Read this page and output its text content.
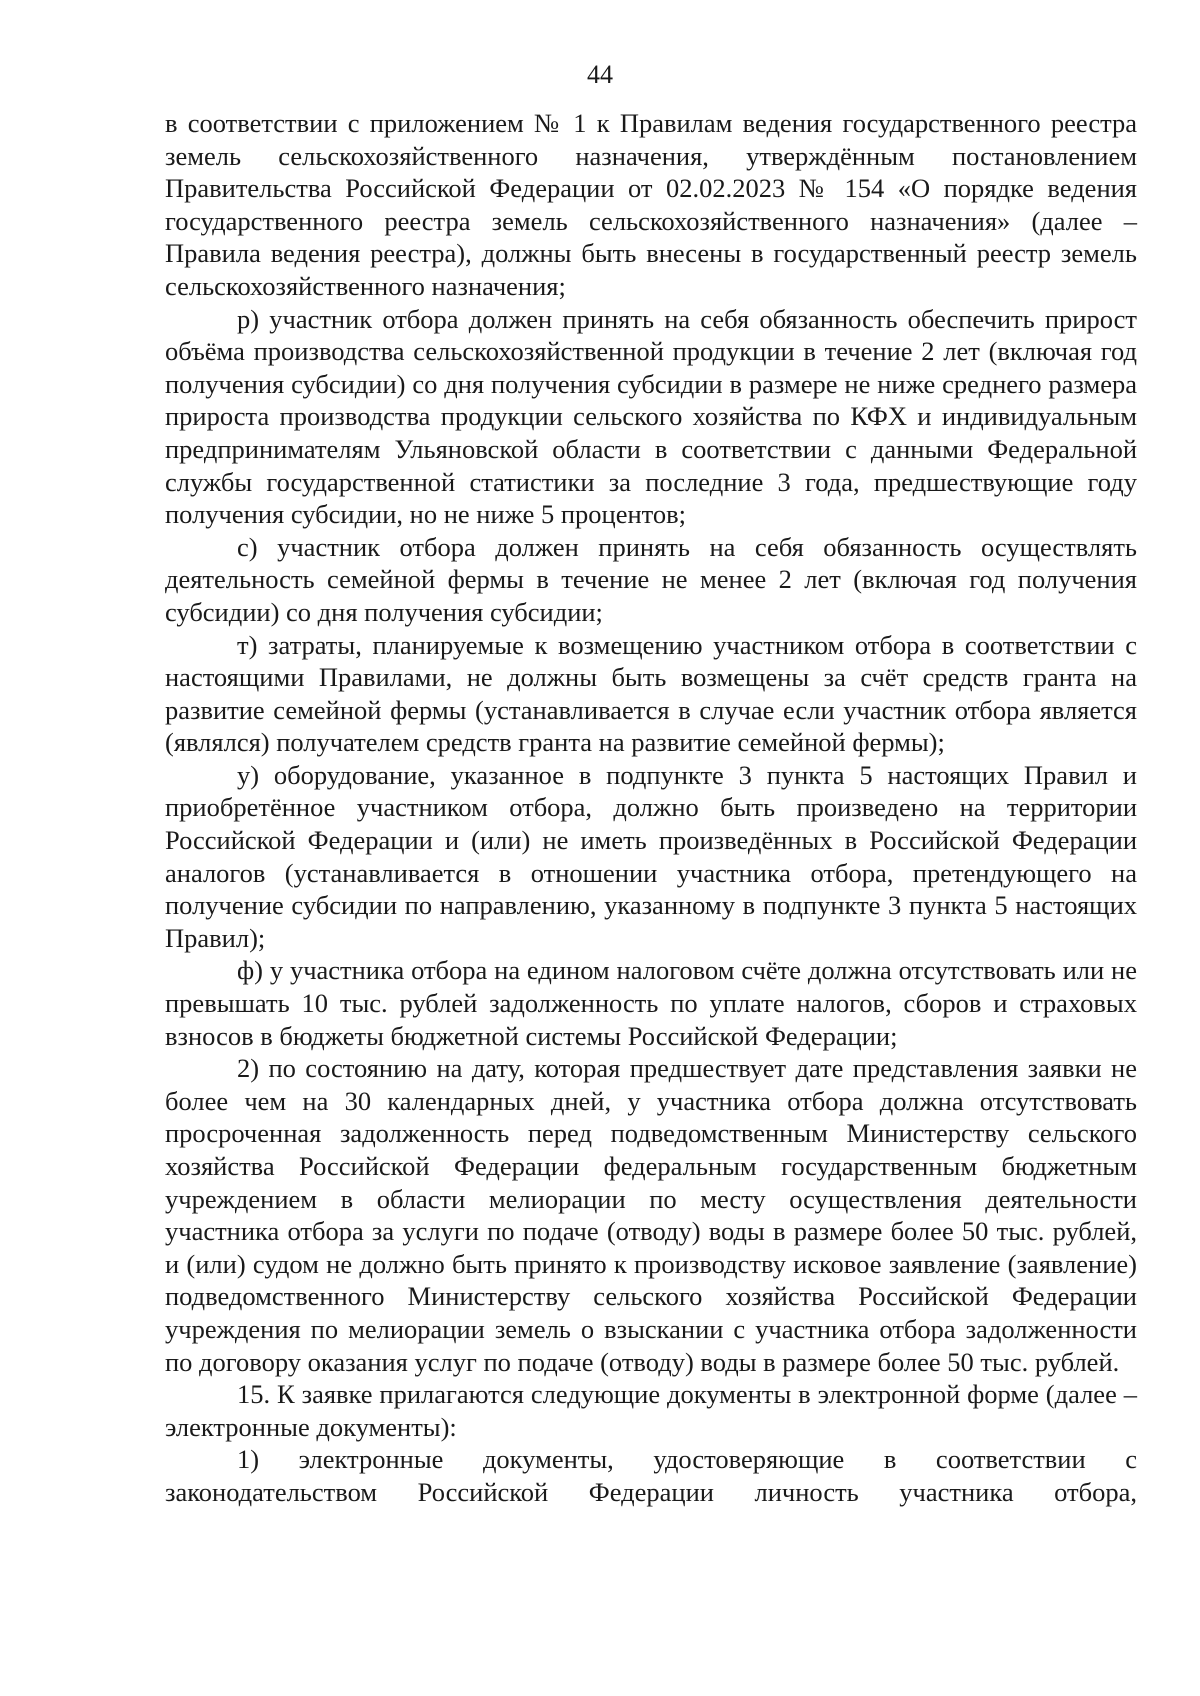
44

в соответствии с приложением № 1 к Правилам ведения государственного реестра земель сельскохозяйственного назначения, утверждённым постановлением Правительства Российской Федерации от 02.02.2023 № 154 «О порядке ведения государственного реестра земель сельскохозяйственного назначения» (далее – Правила ведения реестра), должны быть внесены в государственный реестр земель сельскохозяйственного назначения;

р) участник отбора должен принять на себя обязанность обеспечить прирост объёма производства сельскохозяйственной продукции в течение 2 лет (включая год получения субсидии) со дня получения субсидии в размере не ниже среднего размера прироста производства продукции сельского хозяйства по КФХ и индивидуальным предпринимателям Ульяновской области в соответствии с данными Федеральной службы государственной статистики за последние 3 года, предшествующие году получения субсидии, но не ниже 5 процентов;

с) участник отбора должен принять на себя обязанность осуществлять деятельность семейной фермы в течение не менее 2 лет (включая год получения субсидии) со дня получения субсидии;

т) затраты, планируемые к возмещению участником отбора в соответствии с настоящими Правилами, не должны быть возмещены за счёт средств гранта на развитие семейной фермы (устанавливается в случае если участник отбора является (являлся) получателем средств гранта на развитие семейной фермы);

у) оборудование, указанное в подпункте 3 пункта 5 настоящих Правил и приобретённое участником отбора, должно быть произведено на территории Российской Федерации и (или) не иметь произведённых в Российской Федерации аналогов (устанавливается в отношении участника отбора, претендующего на получение субсидии по направлению, указанному в подпункте 3 пункта 5 настоящих Правил);

ф) у участника отбора на едином налоговом счёте должна отсутствовать или не превышать 10 тыс. рублей задолженность по уплате налогов, сборов и страховых взносов в бюджеты бюджетной системы Российской Федерации;

2) по состоянию на дату, которая предшествует дате представления заявки не более чем на 30 календарных дней, у участника отбора должна отсутствовать просроченная задолженность перед подведомственным Министерству сельского хозяйства Российской Федерации федеральным государственным бюджетным учреждением в области мелиорации по месту осуществления деятельности участника отбора за услуги по подаче (отводу) воды в размере более 50 тыс. рублей, и (или) судом не должно быть принято к производству исковое заявление (заявление) подведомственного Министерству сельского хозяйства Российской Федерации учреждения по мелиорации земель о взыскании с участника отбора задолженности по договору оказания услуг по подаче (отводу) воды в размере более 50 тыс. рублей.

15. К заявке прилагаются следующие документы в электронной форме (далее – электронные документы):

1) электронные документы, удостоверяющие в соответствии с законодательством Российской Федерации личность участника отбора,
